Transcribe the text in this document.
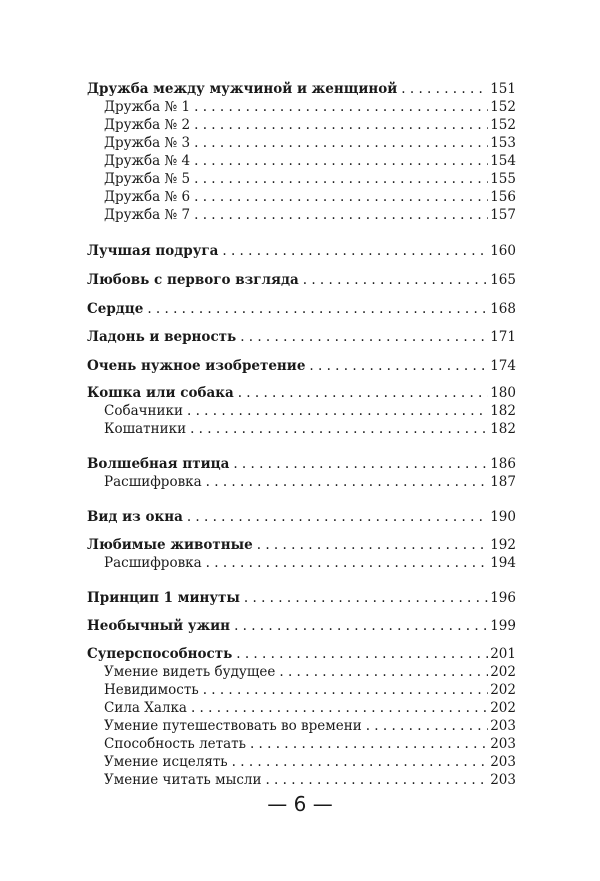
Дружба между мужчиной и женщиной . . .	151
Дружба № 1 . . .	152
Дружба № 2 . . .	152
Дружба № 3 . . .	153
Дружба № 4 . . .	154
Дружба № 5 . . .	155
Дружба № 6 . . .	156
Дружба № 7 . . .	157
Лучшая подруга . . .	160
Любовь с первого взгляда . . .	165
Сердце . . .	168
Ладонь и верность . . .	171
Очень нужное изобретение . . .	174
Кошка или собака . . .	180
Собачники . . .	182
Кошатники . . .	182
Волшебная птица . . .	186
Расшифровка . . .	187
Вид из окна . . .	190
Любимые животные . . .	192
Расшифровка . . .	194
Принцип 1 минуты . . .	196
Необычный ужин . . .	199
Суперспособность . . .	201
Умение видеть будущее . . .	202
Невидимость . . .	202
Сила Халка . . .	202
Умение путешествовать во времени . . .	203
Способность летать . . .	203
Умение исцелять . . .	203
Умение читать мысли . . .	203
— 6 —
